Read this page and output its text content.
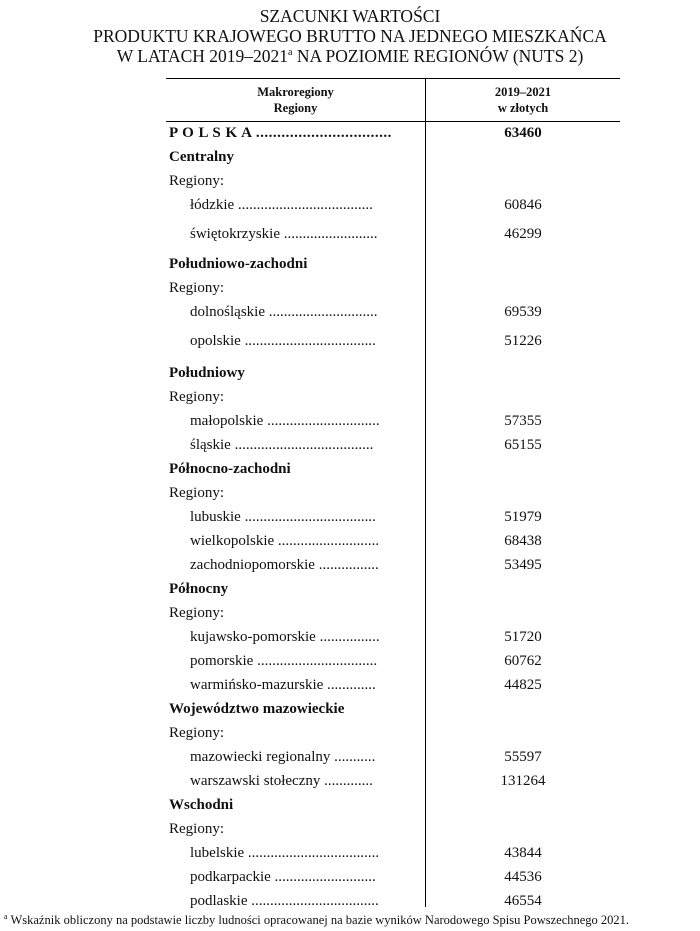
SZACUNKI WARTOŚCI
PRODUKTU KRAJOWEGO BRUTTO NA JEDNEGO MIESZKAŃCA
W LATACH 2019–2021$^a$ NA POZIOMIE REGIONÓW (NUTS 2)
Makroregiony
Regiony
2019–2021
w złotych
P O L S K A ................................	63460
Centralny
Regiony:
łódzkie ....................................	60846
świętokrzyskie .........................	46299
Południowo-zachodni
Regiony:
dolnośląskie .............................	69539
opolskie ...................................	51226
Południowy
Regiony:
małopolskie ..............................	57355
śląskie .....................................	65155
Północno-zachodni
Regiony:
lubuskie ...................................	51979
wielkopolskie ...........................	68438
zachodniopomorskie ................	53495
Północny
Regiony:
kujawsko-pomorskie ................	51720
pomorskie ................................	60762
warmińsko-mazurskie .............	44825
Województwo mazowieckie
Regiony:
mazowiecki regionalny ...........	55597
warszawski stołeczny .............	131264
Wschodni
Regiony:
lubelskie ...................................	43844
podkarpackie ...........................	44536
podlaskie ..................................	46554
$^a$ Wskaźnik obliczony na podstawie liczby ludności opracowanej na bazie wyników Narodowego Spisu Powszechnego 2021.
